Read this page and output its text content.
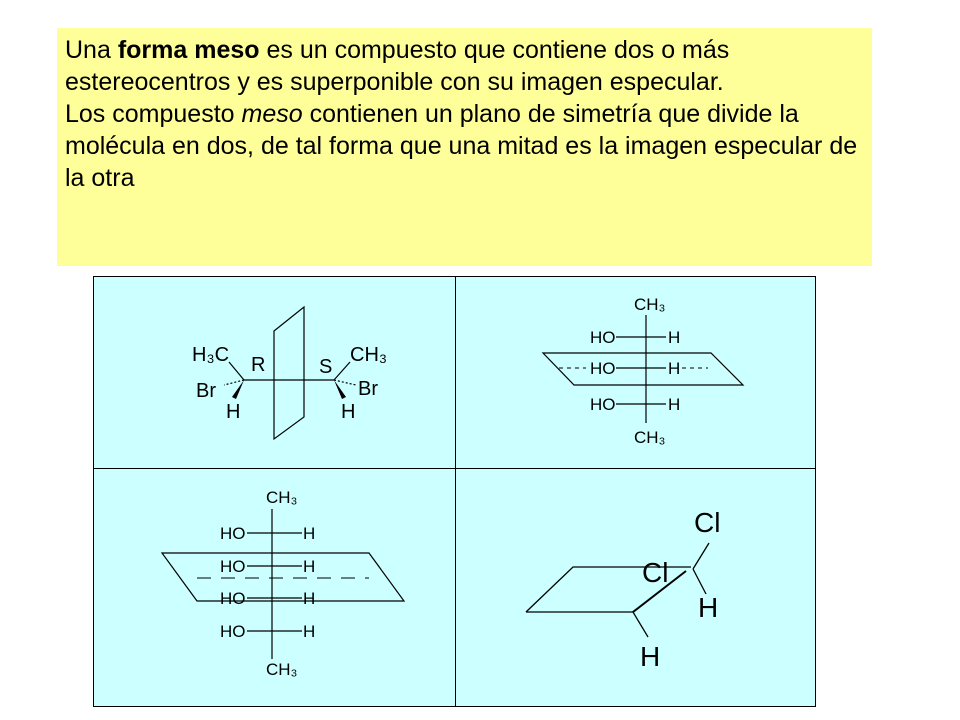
Una forma meso es un compuesto que contiene dos o más estereocentros y es superponible con su imagen especular.

Los compuesto meso contienen un plano de simetría que divide la molécula en dos, de tal forma que una mitad es la imagen especular de la otra

H₃C R	S
CH₃
Br	Br
H	H
CH₃
HO	H
HO	H
HO	H
CH₃
CH₃
HO	H
HO	H
HO	H
HO	H
CH₃
Cl
Cl
H
H
